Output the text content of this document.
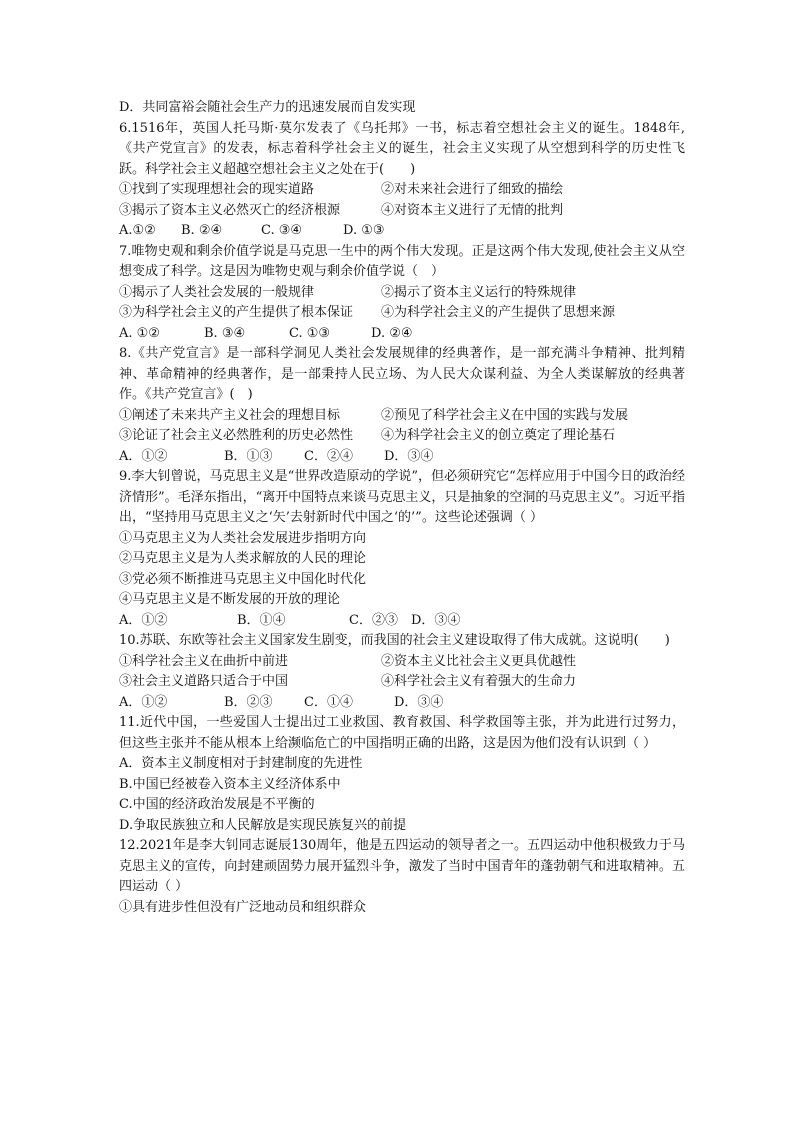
D．共同富裕会随社会生产力的迅速发展而自发实现
6.1516年，英国人托马斯·莫尔发表了《乌托邦》一书，标志着空想社会主义的诞生。1848年,《共产党宣言》的发表，标志着科学社会主义的诞生，社会主义实现了从空想到科学的历史性飞跃。科学社会主义超越空想社会主义之处在于(　　)
①找到了实现理想社会的现实道路	②对未来社会进行了细致的描绘
③揭示了资本主义必然灭亡的经济根源	④对资本主义进行了无情的批判
A.①② B. ②④	C. ③④	D. ①③
7.唯物史观和剩余价值学说是马克思一生中的两个伟大发现。正是这两个伟大发现,使社会主义从空想变成了科学。这是因为唯物史观与剩余价值学说（　）
①揭示了人类社会发展的一般规律	②揭示了资本主义运行的特殊规律
③为科学社会主义的产生提供了根本保证 ④为科学社会主义的产生提供了思想来源
A. ①②	B. ③④	C. ①③	D. ②④
8.《共产党宣言》是一部科学洞见人类社会发展规律的经典著作，是一部充满斗争精神、批判精神、革命精神的经典著作，是一部秉持人民立场、为人民大众谋利益、为全人类谋解放的经典著作。《共产党宣言》(　)
①阐述了未来共产主义社会的理想目标	②预见了科学社会主义在中国的实践与发展
③论证了社会主义必然胜利的历史必然性 ④为科学社会主义的创立奠定了理论基石
A．①②	B．①③ C．②④ D．③④
9.李大钊曾说，马克思主义是“世界改造原动的学说”，但必须研究它“怎样应用于中国今日的政治经济情形”。毛泽东指出，“离开中国特点来谈马克思主义，只是抽象的空洞的马克思主义”。习近平指出，“坚持用马克思主义之‘矢’去射新时代中国之‘的’”。这些论述强调（ ）
①马克思主义为人类社会发展进步指明方向
②马克思主义是为人类求解放的人民的理论
③党必须不断推进马克思主义中国化时代化
④马克思主义是不断发展的开放的理论
A．①②	B．①④	C．②③ D．③④
10.苏联、东欧等社会主义国家发生剧变，而我国的社会主义建设取得了伟大成就。这说明(　　)
①科学社会主义在曲折中前进	②资本主义比社会主义更具优越性
③社会主义道路只适合于中国	④科学社会主义有着强大的生命力
A．①②	B．②③ C．①④	D．③④
11.近代中国，一些爱国人士提出过工业救国、教育救国、科学救国等主张，并为此进行过努力，但这些主张并不能从根本上给濒临危亡的中国指明正确的出路，这是因为他们没有认识到（ ）
A．资本主义制度相对于封建制度的先进性
B.中国已经被卷入资本主义经济体系中
C.中国的经济政治发展是不平衡的
D.争取民族独立和人民解放是实现民族复兴的前提
12.2021年是李大钊同志诞辰130周年，他是五四运动的领导者之一。五四运动中他积极致力于马克思主义的宣传，向封建顽固势力展开猛烈斗争，激发了当时中国青年的蓬勃朝气和进取精神。五四运动（ ）
①具有进步性但没有广泛地动员和组织群众
